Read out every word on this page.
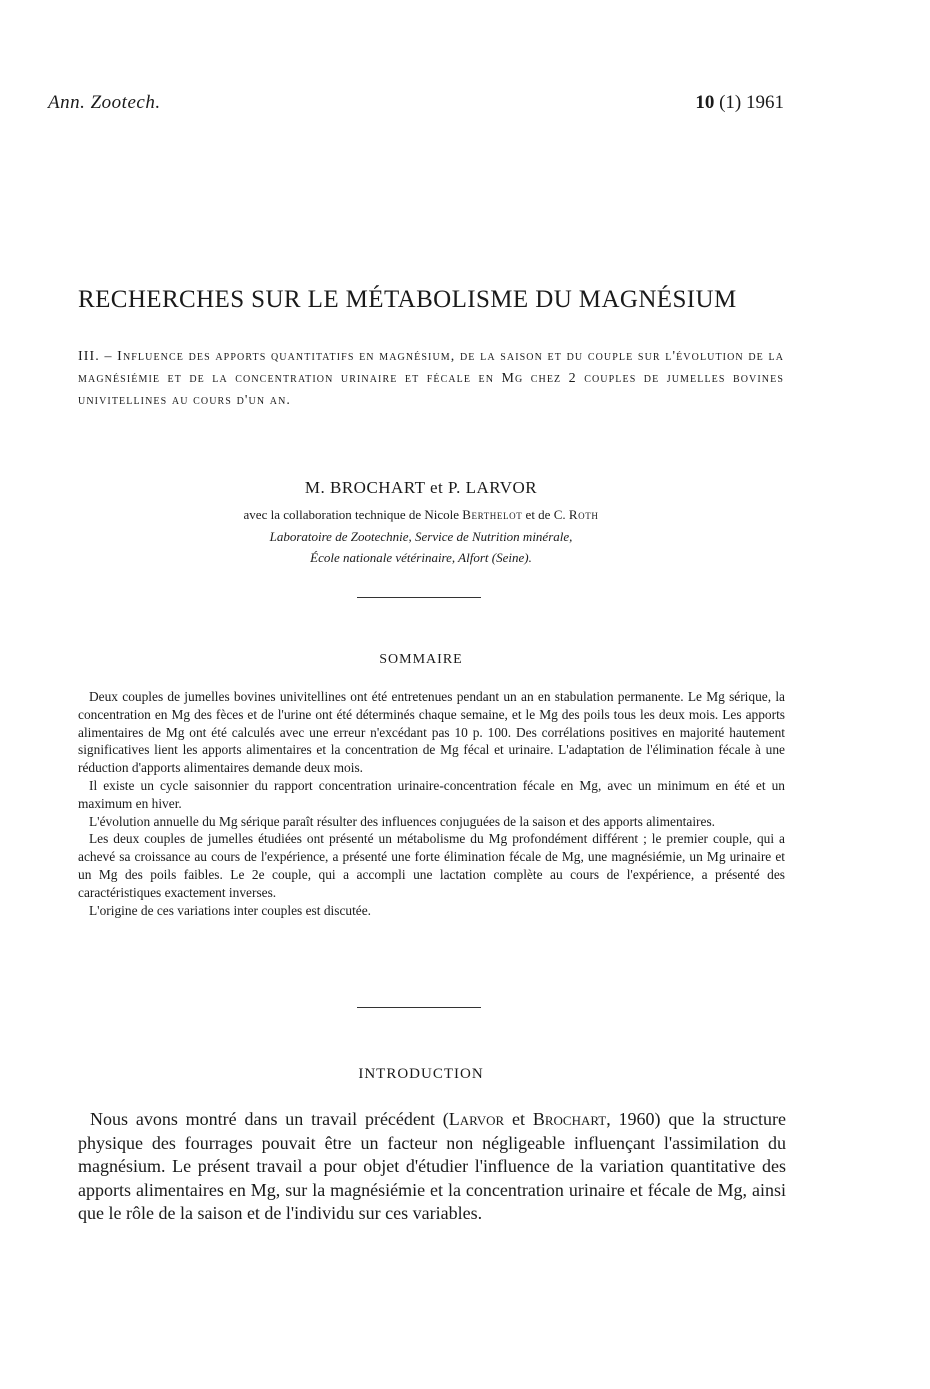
Ann. Zootech.	10 (1) 1961
RECHERCHES SUR LE MÉTABOLISME DU MAGNÉSIUM
III. – Influence des apports quantitatifs en magnésium, de la saison et du couple sur l'évolution de la magnésiémie et de la concentration urinaire et fécale en Mg chez 2 couples de jumelles bovines univitellines au cours d'un an.
M. BROCHART et P. LARVOR
avec la collaboration technique de Nicole Berthelot et de C. Roth
Laboratoire de Zootechnie, Service de Nutrition minérale,
École nationale vétérinaire, Alfort (Seine).
SOMMAIRE

Deux couples de jumelles bovines univitellines ont été entretenues pendant un an en stabulation permanente. Le Mg sérique, la concentration en Mg des fèces et de l'urine ont été déterminés chaque semaine, et le Mg des poils tous les deux mois. Les apports alimentaires de Mg ont été calculés avec une erreur n'excédant pas 10 p. 100. Des corrélations positives en majorité hautement significatives lient les apports alimentaires et la concentration de Mg fécal et urinaire. L'adaptation de l'élimination fécale à une réduction d'apports alimentaires demande deux mois.

Il existe un cycle saisonnier du rapport concentration urinaire-concentration fécale en Mg, avec un minimum en été et un maximum en hiver.

L'évolution annuelle du Mg sérique paraît résulter des influences conjuguées de la saison et des apports alimentaires.

Les deux couples de jumelles étudiées ont présenté un métabolisme du Mg profondément différent ; le premier couple, qui a achevé sa croissance au cours de l'expérience, a présenté une forte élimination fécale de Mg, une magnésiémie, un Mg urinaire et un Mg des poils faibles. Le 2e couple, qui a accompli une lactation complète au cours de l'expérience, a présenté des caractéristiques exactement inverses.

L'origine de ces variations inter couples est discutée.

INTRODUCTION

Nous avons montré dans un travail précédent (Larvor et Brochart, 1960) que la structure physique des fourrages pouvait être un facteur non négligeable influençant l'assimilation du magnésium. Le présent travail a pour objet d'étudier l'influence de la variation quantitative des apports alimentaires en Mg, sur la magnésiémie et la concentration urinaire et fécale de Mg, ainsi que le rôle de la saison et de l'individu sur ces variables.
